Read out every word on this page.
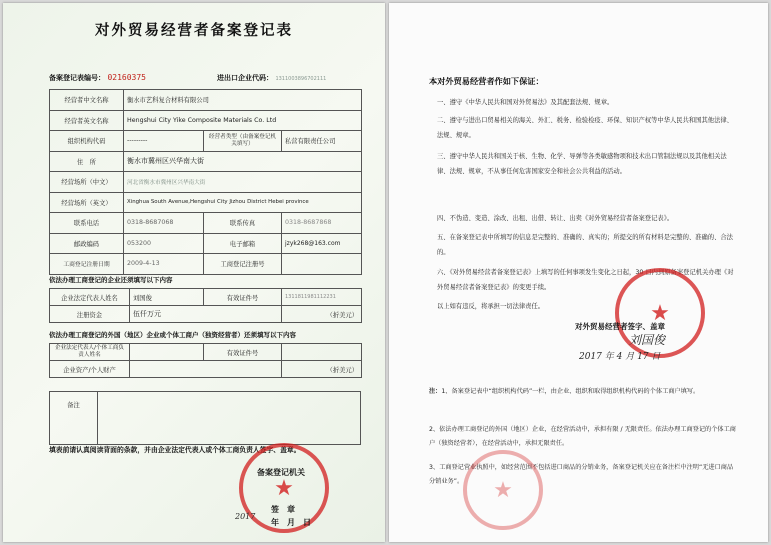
对外贸易经营者备案登记表
备案登记表编号： 02160375	进出口企业代码： 1311003896702111
经营者中文名称	衡水市艺科复合材料有限公司		
经营者英文名称	Hengshui City Yike Composite Materials Co. Ltd		
组织机构代码	---------	经营者类型（由备案登记机关填写）	私营有限责任公司
住　所	衡水市冀州区兴华南大街		
经营场所（中文）	河北省衡水市冀州区兴华南大街		
经营场所（英文）	Xinghua South Avenue,Hengshui City Jizhou District Hebei province		
联系电话	0318-8687068	联系传真	0318-8687868
邮政编码	053200	电子邮箱	jzyk268@163.com
工商登记注册日期	2009-4-13	工商登记注册号	
依法办理工商登记的企业还须填写以下内容
企业法定代表人姓名	刘国俊	有效证件号	1311811981112231
注册资金	伍仟万元		（折美元）
依法办理工商登记的外国（地区）企业或个体工商户（独资经营者）还须填写以下内容
企业法定代表人/个体工商负责人姓名		有效证件号	
企业资产/个人财产			（折美元）
备注	
填表前请认真阅读背面的条款，并由企业法定代表人或个体工商负责人签字、盖章。
★
备案登记机关
签　章
年　月　日
2017
本对外贸易经营者作如下保证：
一、遵守《中华人民共和国对外贸易法》及其配套法规、规章。
二、遵守与进出口贸易相关的海关、外汇、税务、检验检疫、环保、知识产权等中华人民共和国其他法律、法规、规章。
三、遵守中华人民共和国关于核、生物、化学、导弹等各类敏感物项和技术出口管制法规以及其他相关法律、法规、规章，不从事任何危害国家安全和社会公共利益的活动。
四、不伪造、变造、涂改、出租、出借、转让、出卖《对外贸易经营者备案登记表》。
五、在备案登记表中所填写的信息是完整的、准确的、真实的；所提交的所有材料是完整的、准确的、合法的。
六、《对外贸易经营者备案登记表》上填写的任何事项发生变化之日起，30 日内到原备案登记机关办理《对外贸易经营者备案登记表》的变更手续。
以上如有违反，将承担一切法律责任。	★
对外贸易经营者签字、盖章
刘国俊
2017 年 4 月 17 日
注：1、备案登记表中“组织机构代码”一栏，由企业、组织和取得组织机构代码的个体工商户填写。
2、依法办理工商登记的外国（地区）企业，在经营活动中，承担有限 / 无限责任。依法办理工商登记的个体工商户（独资经营者），在经营活动中，承担无限责任。
3、工商登记营业执照中，如经营范围不包括进口商品的分销业务，备案登记机关应在备注栏中注明“无进口商品分销业务”。	★
